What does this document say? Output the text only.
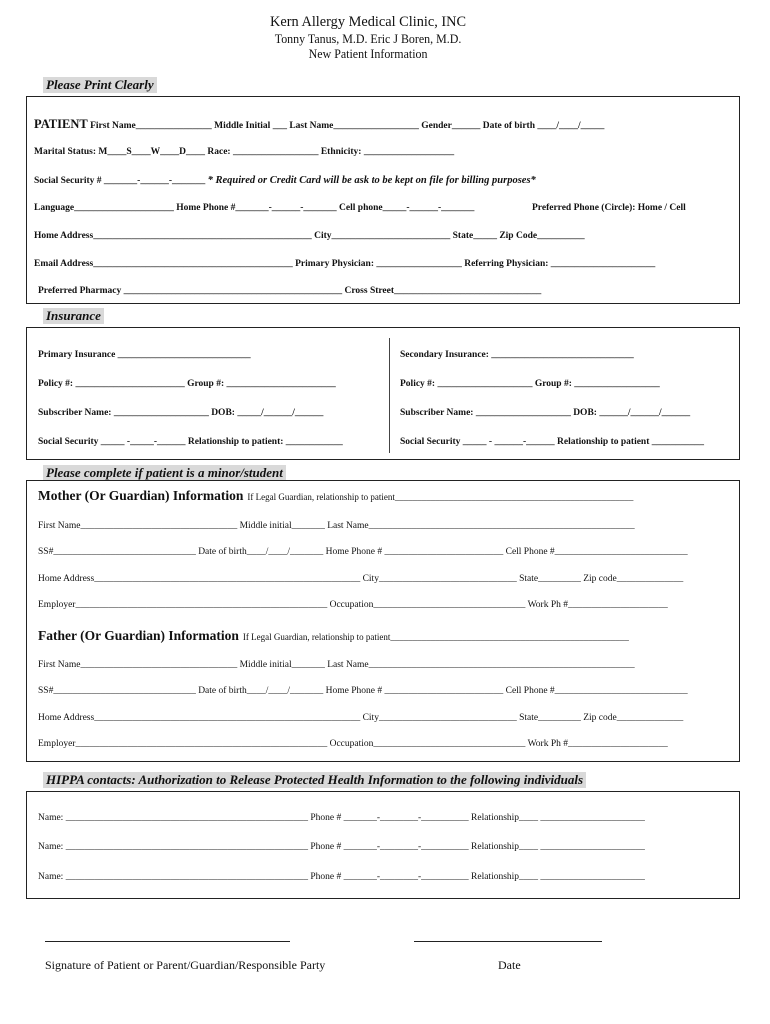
Kern Allergy Medical Clinic, INC
Tonny Tanus, M.D. Eric J Boren, M.D.
New Patient Information
Please Print Clearly
PATIENT First Name________________ Middle Initial ___ Last Name__________________ Gender______ Date of birth ____/____/_____
Marital Status: M____S____W____D____ Race: __________________ Ethnicity: ___________________
Social Security # _______-______-_______ * Required or Credit Card will be ask to be kept on file for billing purposes*
Language_____________________ Home Phone #_______-______-_______ Cell phone_____-______-_______	Preferred Phone (Circle): Home / Cell
Home Address______________________________________________ City_________________________ State_____ Zip Code__________
Email Address__________________________________________ Primary Physician: __________________ Referring Physician: ______________________
Preferred Pharmacy ______________________________________________ Cross Street_______________________________
Insurance
Primary Insurance ____________________________
Policy #: _______________________ Group #: _______________________
Subscriber Name: ____________________ DOB: _____/______/______
Social Security _____ -_____-______ Relationship to patient: ____________
Secondary Insurance: ______________________________
Policy #: ____________________ Group #: __________________
Subscriber Name: ____________________ DOB: ______/______/______
Social Security _____ - ______-______ Relationship to patient ___________
Please complete if patient is a minor/student
Mother (Or Guardian) Information If Legal Guardian, relationship to patient_____________________________________________________
First Name_________________________________ Middle initial_______ Last Name________________________________________________________
SS#______________________________ Date of birth____/____/_______ Home Phone # _________________________ Cell Phone #____________________________
Home Address________________________________________________________ City_____________________________ State_________ Zip code______________
Employer_____________________________________________________ Occupation________________________________ Work Ph #_____________________
Father (Or Guardian) Information If Legal Guardian, relationship to patient_____________________________________________________
First Name_________________________________ Middle initial_______ Last Name________________________________________________________
SS#______________________________ Date of birth____/____/_______ Home Phone # _________________________ Cell Phone #____________________________
Home Address________________________________________________________ City_____________________________ State_________ Zip code______________
Employer_____________________________________________________ Occupation________________________________ Work Ph #_____________________
HIPPA contacts: Authorization to Release Protected Health Information to the following individuals
Name: ___________________________________________________ Phone # _______-________-__________ Relationship____ ______________________
Name: ___________________________________________________ Phone # _______-________-__________ Relationship____ ______________________
Name: ___________________________________________________ Phone # _______-________-__________ Relationship____ ______________________
Signature of Patient or Parent/Guardian/Responsible Party	Date
